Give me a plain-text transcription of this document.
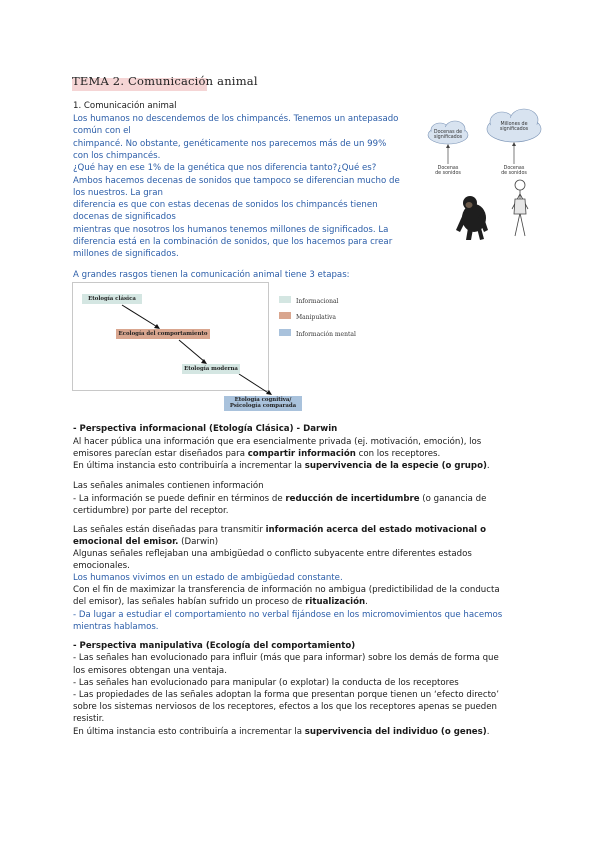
TEMA 2. Comunicación animal
1. Comunicación animal
Los humanos no descendemos de los chimpancés. Tenemos un antepasado
común con el
chimpancé. No obstante, genéticamente nos parecemos más de un 99%
con los chimpancés.
¿Qué hay en ese 1% de la genética que nos diferencia tanto?¿Qué es?
Ambos hacemos decenas de sonidos que tampoco se diferencian mucho de
los nuestros. La gran
diferencia es que con estas decenas de sonidos los chimpancés tienen
docenas de significados
mientras que nosotros los humanos tenemos millones de significados. La
diferencia está en la combinación de sonidos, que los hacemos para crear
millones de significados.
Docenas de significados
Millones de significados
Docenas de sonidos
Docenas de sonidos
A grandes rasgos tienen la comunicación animal tiene 3 etapas:
Etología clásica
Ecología del comportamiento
Etología moderna
Etología cognitiva/ Psicología comparada
Informacional
Manipulativa
Información mental
- Perspectiva informacional (Etología Clásica) - Darwin
Al hacer pública una información que era esencialmente privada (ej. motivación, emoción), los
emisores parecían estar diseñados para compartir información con los receptores.
En última instancia esto contribuiría a incrementar la supervivencia de la especie (o grupo).
Las señales animales contienen información
- La información se puede definir en términos de reducción de incertidumbre (o ganancia de
certidumbre) por parte del receptor.
Las señales están diseñadas para transmitir información acerca del estado motivacional o
emocional del emisor. (Darwin)
Algunas señales reflejaban una ambigüedad o conflicto subyacente entre diferentes estados
emocionales.
Los humanos vivimos en un estado de ambigüedad constante.
Con el fin de maximizar la transferencia de información no ambigua (predictibilidad de la conducta
del emisor), las señales habían sufrido un proceso de ritualización.
- Da lugar a estudiar el comportamiento no verbal fijándose en los micromovimientos que hacemos
mientras hablamos.
- Perspectiva manipulativa (Ecología del comportamiento)
- Las señales han evolucionado para influir (más que para informar) sobre los demás de forma que
los emisores obtengan una ventaja.
- Las señales han evolucionado para manipular (o explotar) la conducta de los receptores
- Las propiedades de las señales adoptan la forma que presentan porque tienen un ‘efecto directo’
sobre los sistemas nerviosos de los receptores, efectos a los que los receptores apenas se pueden
resistir.
En última instancia esto contribuiría a incrementar la supervivencia del individuo (o genes).
